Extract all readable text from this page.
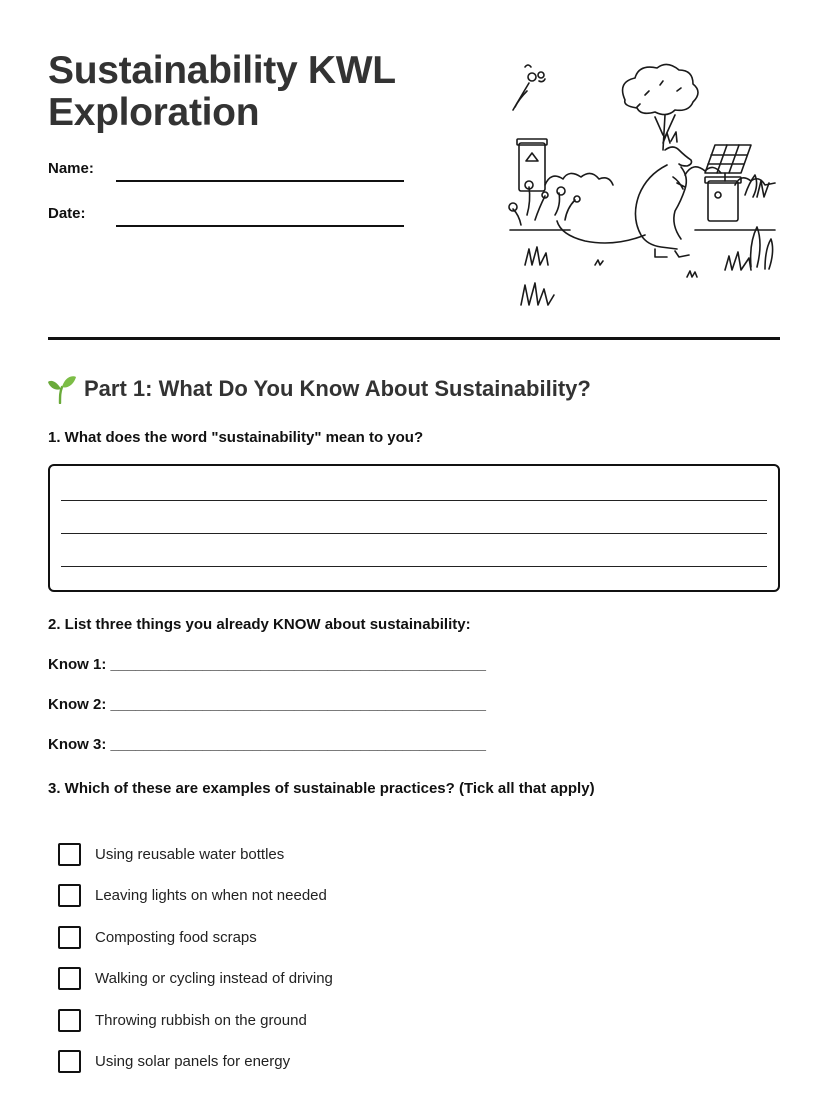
Sustainability KWL Exploration
Name:
Date:
Part 1: What Do You Know About Sustainability?
1. What does the word "sustainability" mean to you?
2. List three things you already KNOW about sustainability:
Know 1: _____________________________________________
Know 2: _____________________________________________
Know 3: _____________________________________________
3. Which of these are examples of sustainable practices? (Tick all that apply)
Using reusable water bottles
Leaving lights on when not needed
Composting food scraps
Walking or cycling instead of driving
Throwing rubbish on the ground
Using solar panels for energy
